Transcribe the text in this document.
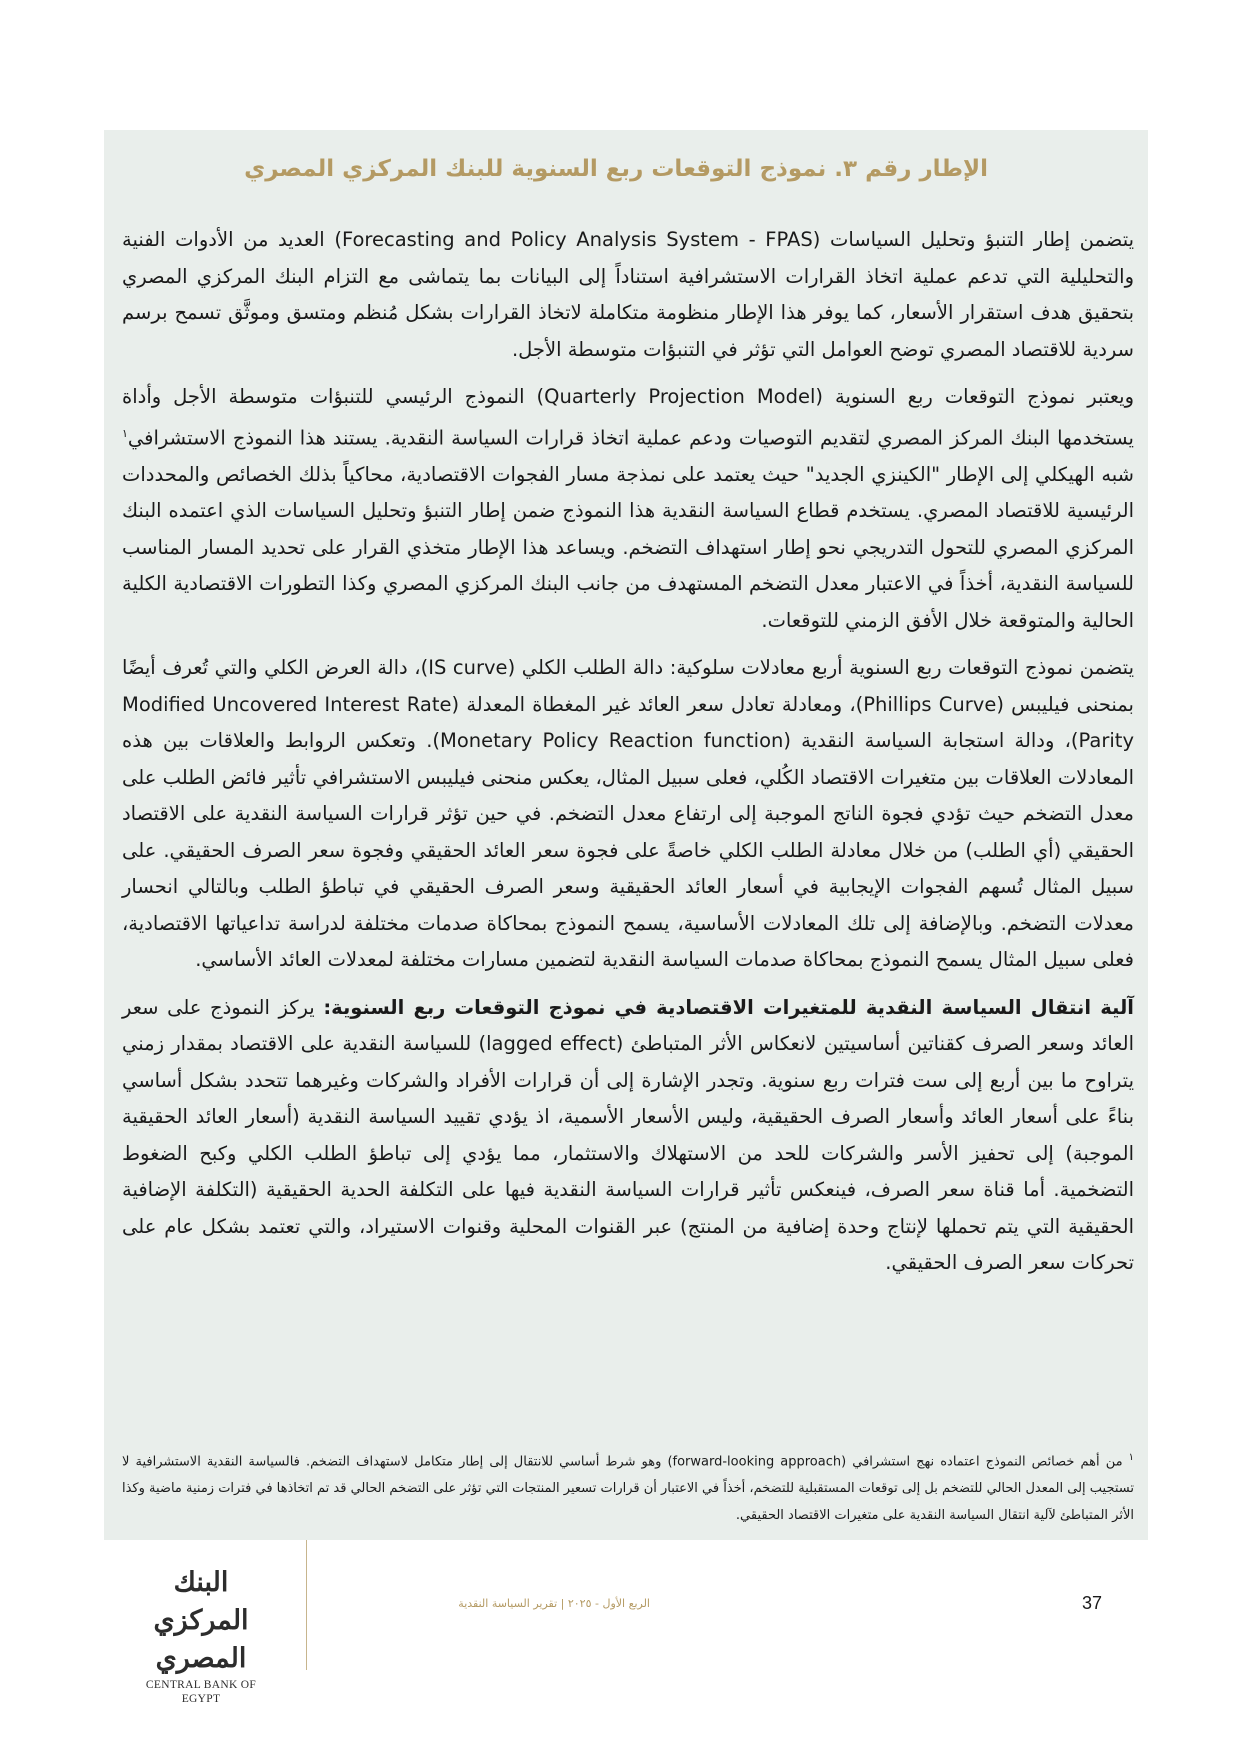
الإطار رقم ٣. نموذج التوقعات ربع السنوية للبنك المركزي المصري

يتضمن إطار التنبؤ وتحليل السياسات (Forecasting and Policy Analysis System - FPAS) العديد من الأدوات الفنية والتحليلية التي تدعم عملية اتخاذ القرارات الاستشرافية استناداً إلى البيانات بما يتماشى مع التزام البنك المركزي المصري بتحقيق هدف استقرار الأسعار، كما يوفر هذا الإطار منظومة متكاملة لاتخاذ القرارات بشكل مُنظم ومتسق وموثَّق تسمح برسم سردية للاقتصاد المصري توضح العوامل التي تؤثر في التنبؤات متوسطة الأجل.

ويعتبر نموذج التوقعات ربع السنوية (Quarterly Projection Model) النموذج الرئيسي للتنبؤات متوسطة الأجل وأداة يستخدمها البنك المركز المصري لتقديم التوصيات ودعم عملية اتخاذ قرارات السياسة النقدية. يستند هذا النموذج الاستشرافي$^١$ شبه الهيكلي إلى الإطار "الكينزي الجديد" حيث يعتمد على نمذجة مسار الفجوات الاقتصادية، محاكياً بذلك الخصائص والمحددات الرئيسية للاقتصاد المصري. يستخدم قطاع السياسة النقدية هذا النموذج ضمن إطار التنبؤ وتحليل السياسات الذي اعتمده البنك المركزي المصري للتحول التدريجي نحو إطار استهداف التضخم. ويساعد هذا الإطار متخذي القرار على تحديد المسار المناسب للسياسة النقدية، أخذاً في الاعتبار معدل التضخم المستهدف من جانب البنك المركزي المصري وكذا التطورات الاقتصادية الكلية الحالية والمتوقعة خلال الأفق الزمني للتوقعات.

يتضمن نموذج التوقعات ربع السنوية أربع معادلات سلوكية: دالة الطلب الكلي (IS curve)، دالة العرض الكلي والتي تُعرف أيضًا بمنحنى فيليبس (Phillips Curve)، ومعادلة تعادل سعر العائد غير المغطاة المعدلة (Modified Uncovered Interest Rate Parity)، ودالة استجابة السياسة النقدية (Monetary Policy Reaction function). وتعكس الروابط والعلاقات بين هذه المعادلات العلاقات بين متغيرات الاقتصاد الكُلي، فعلى سبيل المثال، يعكس منحنى فيليبس الاستشرافي تأثير فائض الطلب على معدل التضخم حيث تؤدي فجوة الناتج الموجبة إلى ارتفاع معدل التضخم. في حين تؤثر قرارات السياسة النقدية على الاقتصاد الحقيقي (أي الطلب) من خلال معادلة الطلب الكلي خاصةً على فجوة سعر العائد الحقيقي وفجوة سعر الصرف الحقيقي. على سبيل المثال تُسهم الفجوات الإيجابية في أسعار العائد الحقيقية وسعر الصرف الحقيقي في تباطؤ الطلب وبالتالي انحسار معدلات التضخم. وبالإضافة إلى تلك المعادلات الأساسية، يسمح النموذج بمحاكاة صدمات مختلفة لدراسة تداعياتها الاقتصادية، فعلى سبيل المثال يسمح النموذج بمحاكاة صدمات السياسة النقدية لتضمين مسارات مختلفة لمعدلات العائد الأساسي.

آلية انتقال السياسة النقدية للمتغيرات الاقتصادية في نموذج التوقعات ربع السنوية: يركز النموذج على سعر العائد وسعر الصرف كقناتين أساسيتين لانعكاس الأثر المتباطئ (lagged effect) للسياسة النقدية على الاقتصاد بمقدار زمني يتراوح ما بين أربع إلى ست فترات ربع سنوية. وتجدر الإشارة إلى أن قرارات الأفراد والشركات وغيرهما تتحدد بشكل أساسي بناءً على أسعار العائد وأسعار الصرف الحقيقية، وليس الأسعار الأسمية، اذ يؤدي تقييد السياسة النقدية (أسعار العائد الحقيقية الموجبة) إلى تحفيز الأسر والشركات للحد من الاستهلاك والاستثمار، مما يؤدي إلى تباطؤ الطلب الكلي وكبح الضغوط التضخمية. أما قناة سعر الصرف، فينعكس تأثير قرارات السياسة النقدية فيها على التكلفة الحدية الحقيقية (التكلفة الإضافية الحقيقية التي يتم تحملها لإنتاج وحدة إضافية من المنتج) عبر القنوات المحلية وقنوات الاستيراد، والتي تعتمد بشكل عام على تحركات سعر الصرف الحقيقي.

$^١$ من أهم خصائص النموذج اعتماده نهج استشرافي (forward-looking approach) وهو شرط أساسي للانتقال إلى إطار متكامل لاستهداف التضخم. فالسياسة النقدية الاستشرافية لا تستجيب إلى المعدل الحالي للتضخم بل إلى توقعات المستقبلية للتضخم، أخذاً في الاعتبار أن قرارات تسعير المنتجات التي تؤثر على التضخم الحالي قد تم اتخاذها في فترات زمنية ماضية وكذا الأثر المتباطئ لآلية انتقال السياسة النقدية على متغيرات الاقتصاد الحقيقي.
البنك المركزي المصري
CENTRAL BANK OF EGYPT
الربع الأول - ٢٠٢٥ | تقرير السياسة النقدية	37
